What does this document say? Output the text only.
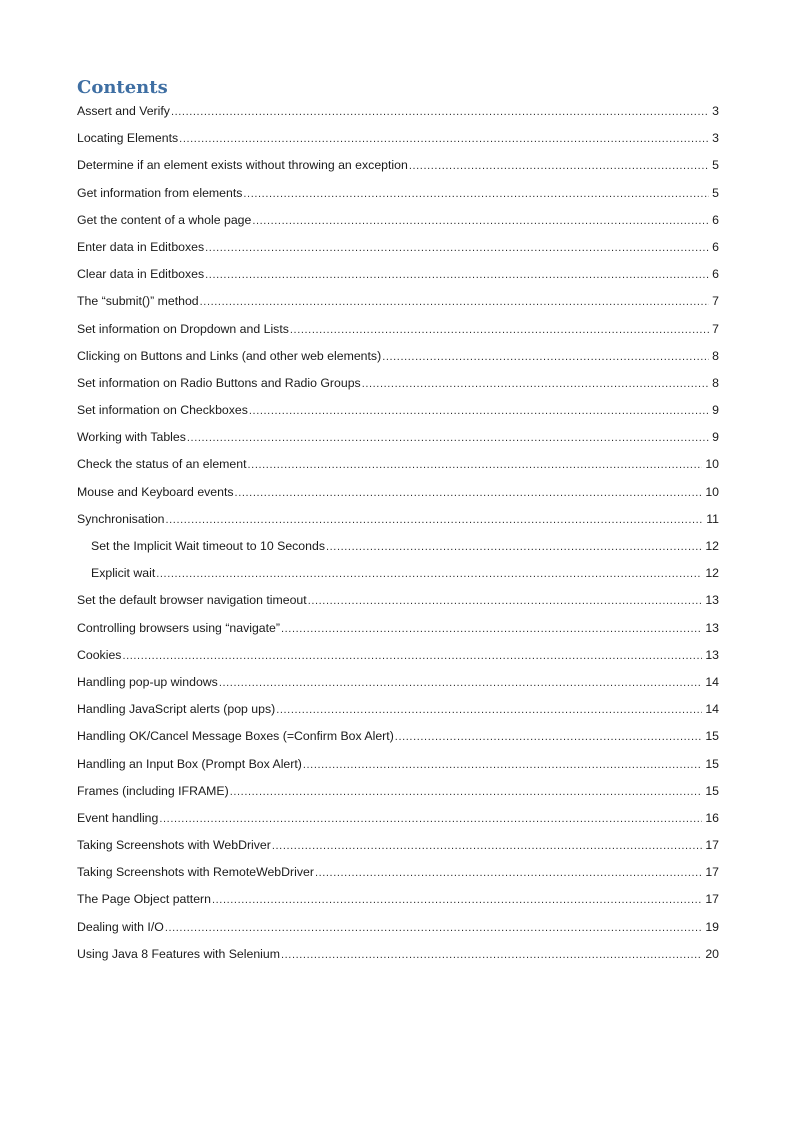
Contents
Assert and Verify .....	3
Locating Elements .....	3
Determine if an element exists without throwing an exception .....	5
Get information from elements .....	5
Get the content of a whole page .....	6
Enter data in Editboxes .....	6
Clear data in Editboxes .....	6
The “submit()” method .....	7
Set information on Dropdown and Lists .....	7
Clicking on Buttons and Links (and other web elements) .....	8
Set information on Radio Buttons and Radio Groups .....	8
Set information on Checkboxes .....	9
Working with Tables .....	9
Check the status of an element .....	10
Mouse and Keyboard events .....	10
Synchronisation .....	11
Set the Implicit Wait timeout to 10 Seconds .....	12
Explicit wait .....	12
Set the default browser navigation timeout .....	13
Controlling browsers using “navigate” .....	13
Cookies .....	13
Handling pop-up windows .....	14
Handling JavaScript alerts (pop ups) .....	14
Handling OK/Cancel Message Boxes (=Confirm Box Alert) .....	15
Handling an Input Box (Prompt Box Alert) .....	15
Frames (including IFRAME) .....	15
Event handling .....	16
Taking Screenshots with WebDriver .....	17
Taking Screenshots with RemoteWebDriver .....	17
The Page Object pattern .....	17
Dealing with I/O .....	19
Using Java 8 Features with Selenium .....	20
